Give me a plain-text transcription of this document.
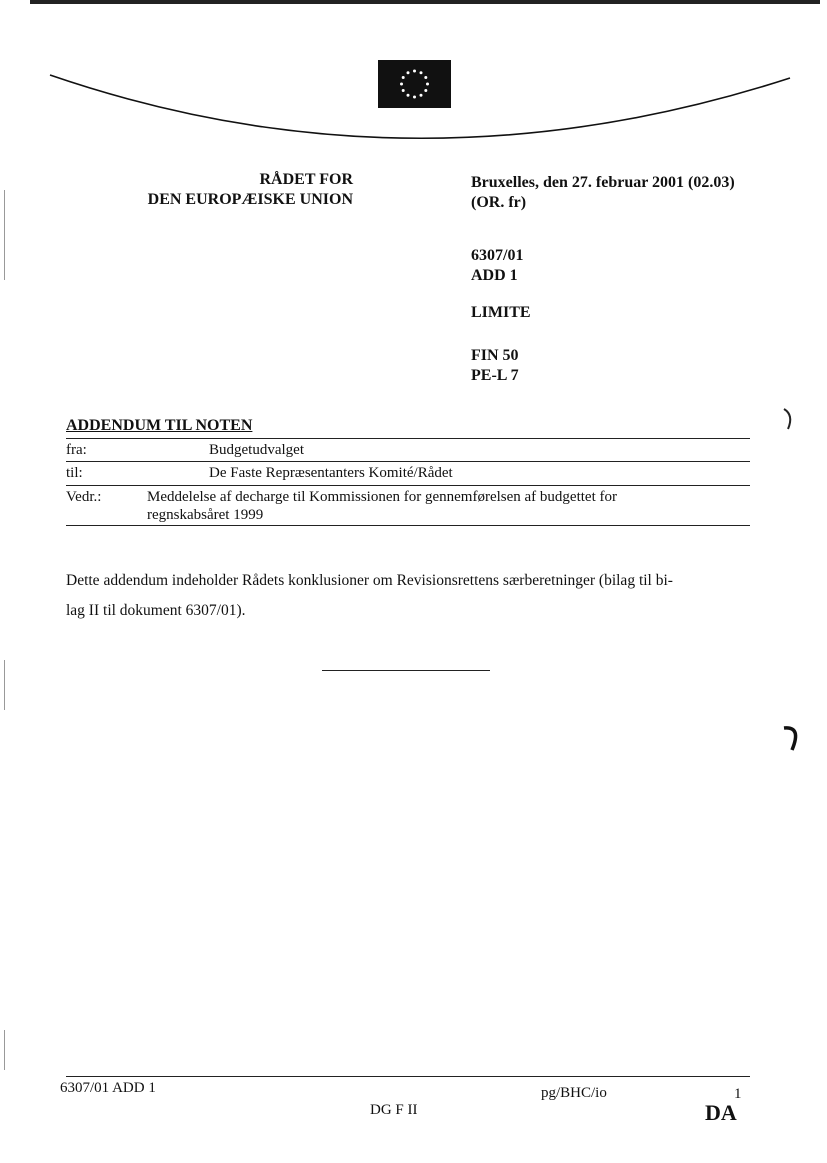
RÅDET FOR
DEN EUROPÆISKE UNION
Bruxelles, den 27. februar 2001 (02.03)
(OR. fr)
6307/01
ADD 1
LIMITE
FIN 50
PE-L 7
ADDENDUM TIL NOTEN
fra:	Budgetudvalget
til:	De Faste Repræsentanters Komité/Rådet
Vedr.:	Meddelelse af decharge til Kommissionen for gennemførelsen af budgettet for
regnskabsåret 1999
Dette addendum indeholder Rådets konklusioner om Revisionsrettens særberetninger (bilag til bi-
lag II til dokument 6307/01).
6307/01 ADD 1	pg/BHC/io	1
DG F II	DA
